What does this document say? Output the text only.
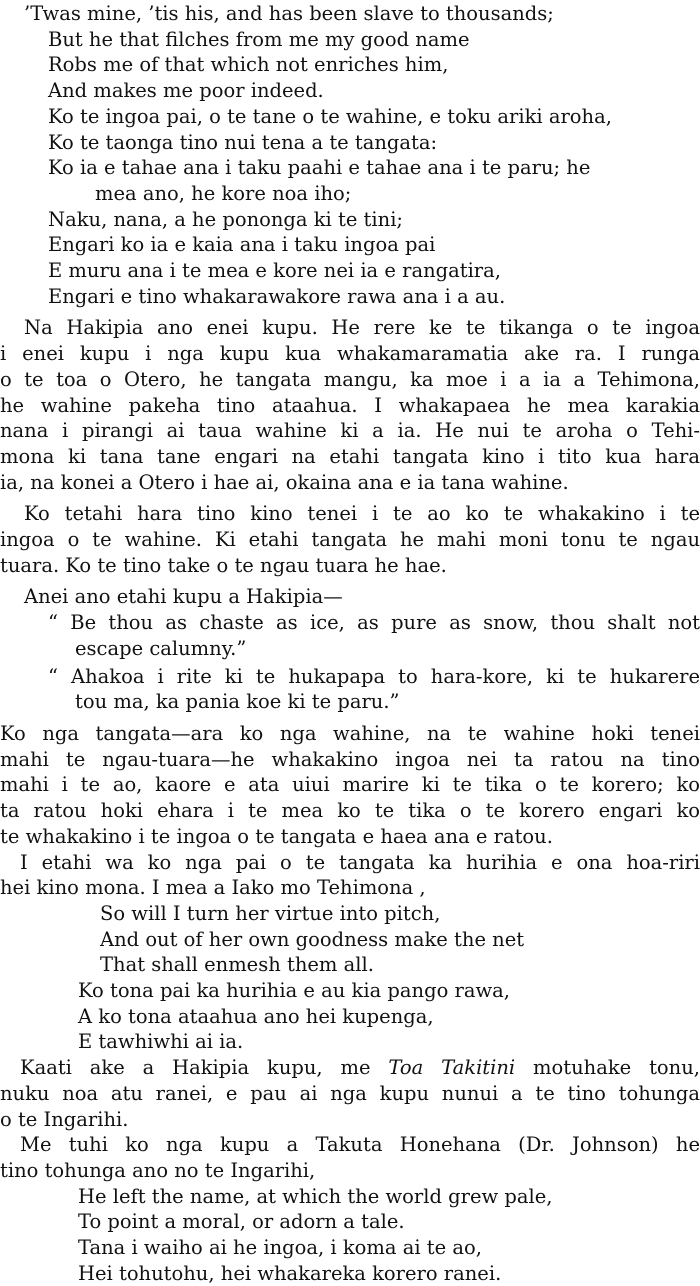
’Twas mine, ’tis his, and has been slave to thousands;
But he that filches from me my good name
Robs me of that which not enriches him,
And makes me poor indeed.
Ko te ingoa pai, o te tane o te wahine, e toku ariki aroha,
Ko te taonga tino nui tena a te tangata:
Ko ia e tahae ana i taku paahi e tahae ana i te paru; he
mea ano, he kore noa iho;
Naku, nana, a he pononga ki te tini;
Engari ko ia e kaia ana i taku ingoa pai
E muru ana i te mea e kore nei ia e rangatira,
Engari e tino whakarawakore rawa ana i a au.
Na Hakipia ano enei kupu. He rere ke te tikanga o te ingoa
i enei kupu i nga kupu kua whakamaramatia ake ra. I runga
o te toa o Otero, he tangata mangu, ka moe i a ia a Tehimona,
he wahine pakeha tino ataahua. I whakapaea he mea karakia
nana i pirangi ai taua wahine ki a ia. He nui te aroha o Tehi-
mona ki tana tane engari na etahi tangata kino i tito kua hara
ia, na konei a Otero i hae ai, okaina ana e ia tana wahine.
Ko tetahi hara tino kino tenei i te ao ko te whakakino i te
ingoa o te wahine. Ki etahi tangata he mahi moni tonu te ngau
tuara. Ko te tino take o te ngau tuara he hae.
Anei ano etahi kupu a Hakipia—
“ Be thou as chaste as ice, as pure as snow, thou shalt not
escape calumny.”
“ Ahakoa i rite ki te hukapapa to hara-kore, ki te hukarere
tou ma, ka pania koe ki te paru.”
Ko nga tangata—ara ko nga wahine, na te wahine hoki tenei
mahi te ngau-tuara—he whakakino ingoa nei ta ratou na tino
mahi i te ao, kaore e ata uiui marire ki te tika o te korero; ko
ta ratou hoki ehara i te mea ko te tika o te korero engari ko
te whakakino i te ingoa o te tangata e haea ana e ratou.
I etahi wa ko nga pai o te tangata ka hurihia e ona hoa-riri
hei kino mona. I mea a Iako mo Tehimona ,
So will I turn her virtue into pitch,
And out of her own goodness make the net
That shall enmesh them all.
Ko tona pai ka hurihia e au kia pango rawa,
A ko tona ataahua ano hei kupenga,
E tawhiwhi ai ia.
Kaati ake a Hakipia kupu, me Toa Takitini motuhake tonu,
nuku noa atu ranei, e pau ai nga kupu nunui a te tino tohunga
o te Ingarihi.
Me tuhi ko nga kupu a Takuta Honehana (Dr. Johnson) he
tino tohunga ano no te Ingarihi,
He left the name, at which the world grew pale,
To point a moral, or adorn a tale.
Tana i waiho ai he ingoa, i koma ai te ao,
Hei tohutohu, hei whakareka korero ranei.
